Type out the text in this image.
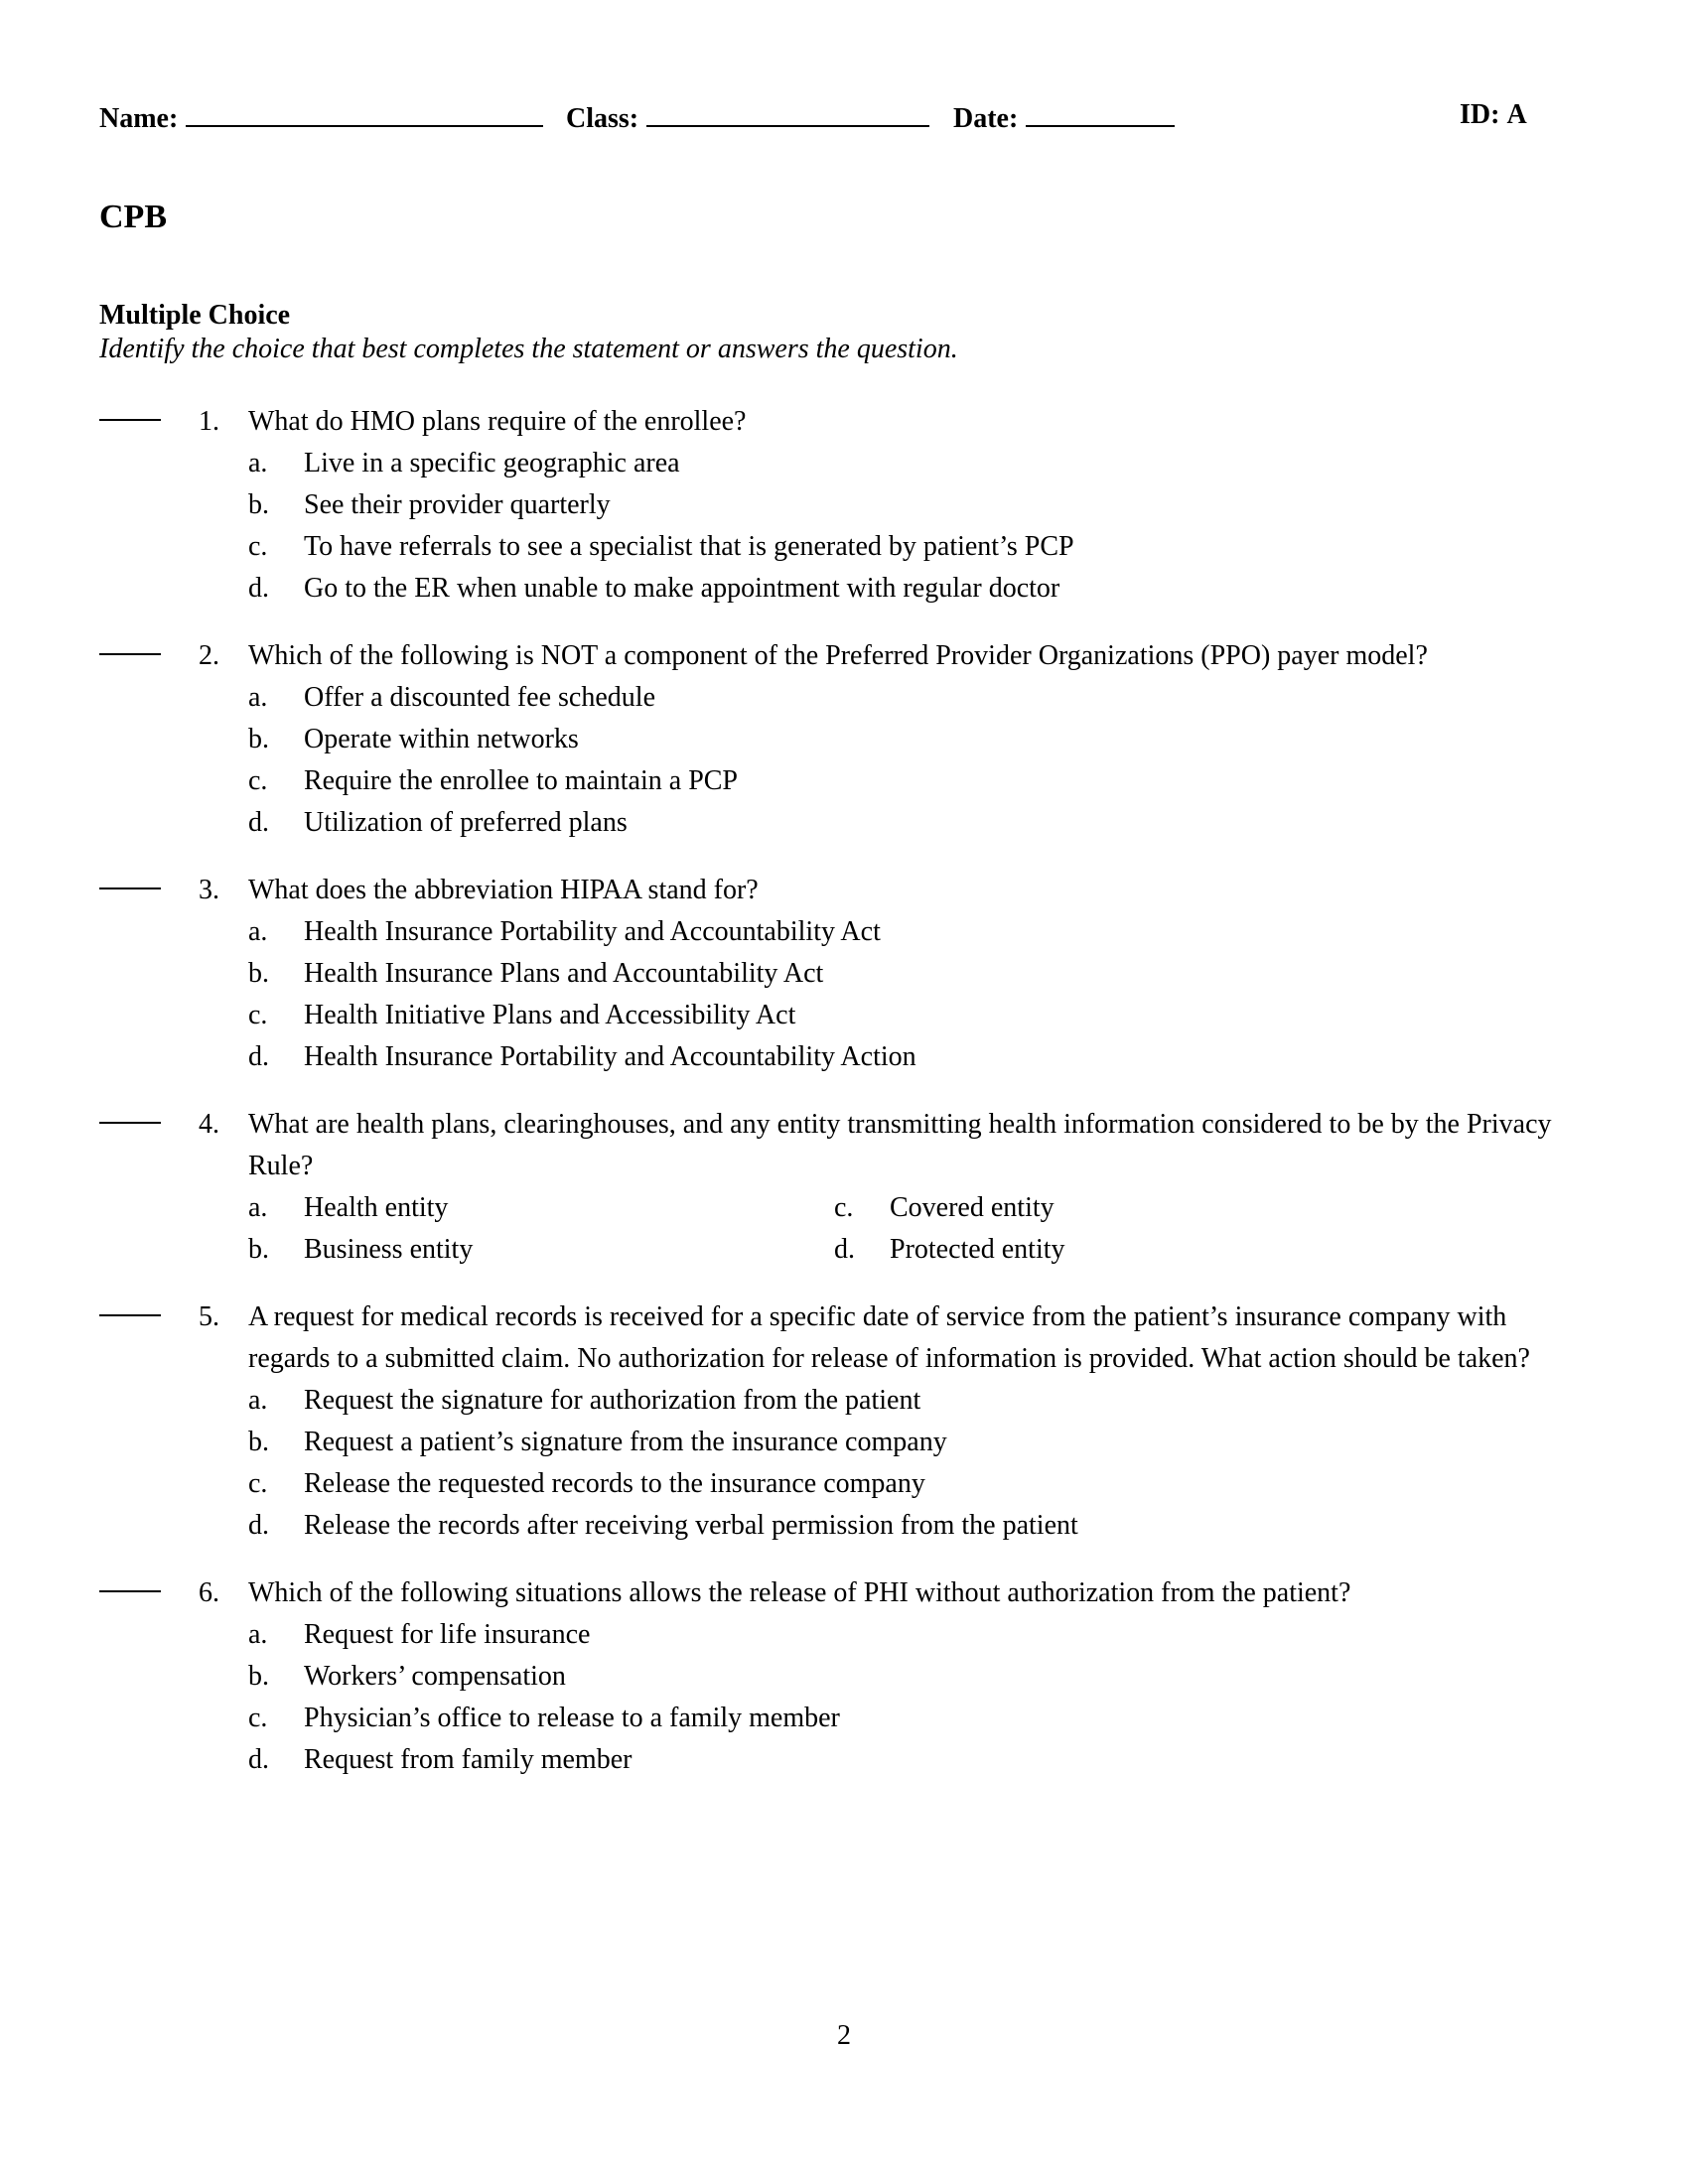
Name:	Class:	Date:	ID: A
CPB
Multiple Choice
Identify the choice that best completes the statement or answers the question.
1. What do HMO plans require of the enrollee?
a. Live in a specific geographic area
b. See their provider quarterly
c. To have referrals to see a specialist that is generated by patient’s PCP
d. Go to the ER when unable to make appointment with regular doctor
2. Which of the following is NOT a component of the Preferred Provider Organizations (PPO) payer model?
a. Offer a discounted fee schedule
b. Operate within networks
c. Require the enrollee to maintain a PCP
d. Utilization of preferred plans
3. What does the abbreviation HIPAA stand for?
a. Health Insurance Portability and Accountability Act
b. Health Insurance Plans and Accountability Act
c. Health Initiative Plans and Accessibility Act
d. Health Insurance Portability and Accountability Action
4. What are health plans, clearinghouses, and any entity transmitting health information considered to be by the Privacy Rule?
a. Health entity	c. Covered entity
b. Business entity	d. Protected entity
5. A request for medical records is received for a specific date of service from the patient’s insurance company with regards to a submitted claim. No authorization for release of information is provided. What action should be taken?
a. Request the signature for authorization from the patient
b. Request a patient’s signature from the insurance company
c. Release the requested records to the insurance company
d. Release the records after receiving verbal permission from the patient
6. Which of the following situations allows the release of PHI without authorization from the patient?
a. Request for life insurance
b. Workers’ compensation
c. Physician’s office to release to a family member
d. Request from family member
2
